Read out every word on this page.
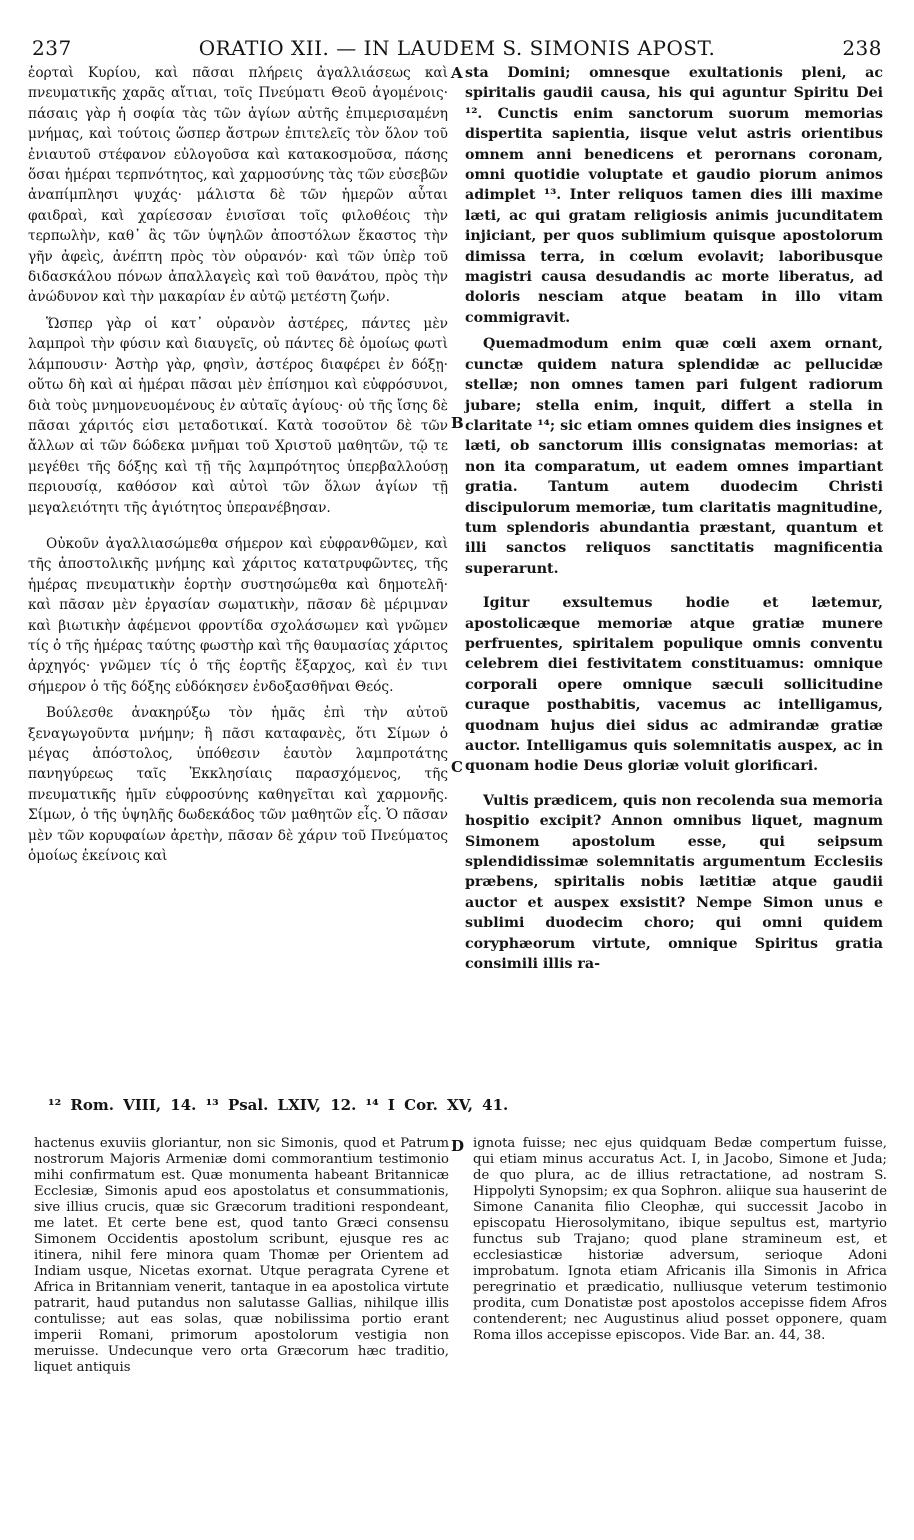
237	ORATIO XII. — IN LAUDEM S. SIMONIS APOST.	238

ἑορταὶ Κυρίου, καὶ πᾶσαι πλήρεις ἀγαλλιάσεως καὶ πνευματικῆς χαρᾶς αἴτιαι, τοῖς Πνεύματι Θεοῦ ἀγομένοις· πάσαις γὰρ ἡ σοφία τὰς τῶν ἁγίων αὐτῆς ἐπιμερισαμένη μνήμας, καὶ τούτοις ὥσπερ ἄστρων ἐπιτελεῖς τὸν ὅλον τοῦ ἐνιαυτοῦ στέφανον εὐλογοῦσα καὶ κατακοσμοῦσα, πάσης ὅσαι ἡμέραι τερπνότητος, καὶ χαρμοσύνης τὰς τῶν εὐσεβῶν ἀναπίμπλησι ψυχάς· μάλιστα δὲ τῶν ἡμερῶν αὗται φαιδραὶ, καὶ χαρίεσσαν ἐνισῖσαι τοῖς φιλοθέοις τὴν τερπωλὴν, καθ᾽ ἃς τῶν ὑψηλῶν ἀποστόλων ἕκαστος τὴν γῆν ἀφεὶς, ἀνέπτη πρὸς τὸν οὐρανόν· καὶ τῶν ὑπὲρ τοῦ διδασκάλου πόνων ἀπαλλαγεὶς καὶ τοῦ θανάτου, πρὸς τὴν ἀνώδυνον καὶ τὴν μακαρίαν ἐν αὐτῷ μετέστη ζωήν.

Ὥσπερ γὰρ οἱ κατ᾽ οὐρανὸν ἀστέρες, πάντες μὲν λαμπροὶ τὴν φύσιν καὶ διαυγεῖς, οὐ πάντες δὲ ὁμοίως φωτὶ λάμπουσιν· Ἀστὴρ γὰρ, φησὶν, ἀστέρος διαφέρει ἐν δόξῃ· οὕτω δὴ καὶ αἱ ἡμέραι πᾶσαι μὲν ἐπίσημοι καὶ εὐφρόσυνοι, διὰ τοὺς μνημονευομένους ἐν αὐταῖς ἁγίους· οὐ τῆς ἴσης δὲ πᾶσαι χάριτός εἰσι μεταδοτικαί. Κατὰ τοσοῦτον δὲ τῶν ἄλλων αἱ τῶν δώδεκα μνῆμαι τοῦ Χριστοῦ μαθητῶν, τῷ τε μεγέθει τῆς δόξης καὶ τῇ τῆς λαμπρότητος ὑπερβαλλούσῃ περιουσίᾳ, καθόσον καὶ αὐτοὶ τῶν ὅλων ἁγίων τῇ μεγαλειότητι τῆς ἁγιότητος ὑπερανέβησαν.

Οὐκοῦν ἀγαλλιασώμεθα σήμερον καὶ εὐφρανθῶμεν, καὶ τῆς ἀποστολικῆς μνήμης καὶ χάριτος κατατρυφῶντες, τῆς ἡμέρας πνευματικὴν ἑορτὴν συστησώμεθα καὶ δημοτελῆ· καὶ πᾶσαν μὲν ἐργασίαν σωματικὴν, πᾶσαν δὲ μέριμναν καὶ βιωτικὴν ἀφέμενοι φροντίδα σχολάσωμεν καὶ γνῶμεν τίς ὁ τῆς ἡμέρας ταύτης φωστὴρ καὶ τῆς θαυμασίας χάριτος ἀρχηγός· γνῶμεν τίς ὁ τῆς ἑορτῆς ἔξαρχος, καὶ ἐν τινι σήμερον ὁ τῆς δόξης εὐδόκησεν ἐνδοξασθῆναι Θεός.

Βούλεσθε ἀνακηρύξω τὸν ἡμᾶς ἐπὶ τὴν αὐτοῦ ξεναγωγοῦντα μνήμην; ἢ πᾶσι καταφανὲς, ὅτι Σίμων ὁ μέγας ἀπόστολος, ὑπόθεσιν ἑαυτὸν λαμπροτάτης πανηγύρεως ταῖς Ἐκκλησίαις παρασχόμενος, τῆς πνευματικῆς ἡμῖν εὐφροσύνης καθηγεῖται καὶ χαρμονῆς. Σίμων, ὁ τῆς ὑψηλῆς δωδεκάδος τῶν μαθητῶν εἷς. Ὁ πᾶσαν μὲν τῶν κορυφαίων ἀρετὴν, πᾶσαν δὲ χάριν τοῦ Πνεύματος ὁμοίως ἐκείνοις καὶ

A
B
C

sta Domini; omnesque exultationis pleni, ac spiritalis gaudii causa, his qui aguntur Spiritu Dei ¹². Cunctis enim sanctorum suorum memorias dispertita sapientia, iisque velut astris orientibus omnem anni benedicens et perornans coronam, omni quotidie voluptate et gaudio piorum animos adimplet ¹³. Inter reliquos tamen dies illi maxime læti, ac qui gratam religiosis animis jucunditatem injiciant, per quos sublimium quisque apostolorum dimissa terra, in cœlum evolavit; laboribusque magistri causa desudandis ac morte liberatus, ad doloris nesciam atque beatam in illo vitam commigravit.

Quemadmodum enim quæ cœli axem ornant, cunctæ quidem natura splendidæ ac pellucidæ stellæ; non omnes tamen pari fulgent radiorum jubare; stella enim, inquit, differt a stella in claritate ¹⁴; sic etiam omnes quidem dies insignes et læti, ob sanctorum illis consignatas memorias: at non ita comparatum, ut eadem omnes impartiant gratia. Tantum autem duodecim Christi discipulorum memoriæ, tum claritatis magnitudine, tum splendoris abundantia præstant, quantum et illi sanctos reliquos sanctitatis magnificentia superarunt.

Igitur exsultemus hodie et lætemur, apostolicæque memoriæ atque gratiæ munere perfruentes, spiritalem populique omnis conventu celebrem diei festivitatem constituamus: omnique corporali opere omnique sæculi sollicitudine curaque posthabitis, vacemus ac intelligamus, quodnam hujus diei sidus ac admirandæ gratiæ auctor. Intelligamus quis solemnitatis auspex, ac in quonam hodie Deus gloriæ voluit glorificari.

Vultis prædicem, quis non recolenda sua memoria hospitio excipit? Annon omnibus liquet, magnum Simonem apostolum esse, qui seipsum splendidissimæ solemnitatis argumentum Ecclesiis præbens, spiritalis nobis lætitiæ atque gaudii auctor et auspex exsistit? Nempe Simon unus e sublimi duodecim choro; qui omni quidem coryphæorum virtute, omnique Spiritus gratia consimili illis ra-

¹² Rom. VIII, 14. ¹³ Psal. LXIV, 12. ¹⁴ I Cor. XV, 41.
D
hactenus exuviis gloriantur, non sic Simonis, quod et Patrum nostrorum Majoris Armeniæ domi commorantium testimonio mihi confirmatum est. Quæ monumenta habeant Britannicæ Ecclesiæ, Simonis apud eos apostolatus et consummationis, sive illius crucis, quæ sic Græcorum traditioni respondeant, me latet. Et certe bene est, quod tanto Græci consensu Simonem Occidentis apostolum scribunt, ejusque res ac itinera, nihil fere minora quam Thomæ per Orientem ad Indiam usque, Nicetas exornat. Utque peragrata Cyrene et Africa in Britanniam venerit, tantaque in ea apostolica virtute patrarit, haud putandus non salutasse Gallias, nihilque illis contulisse; aut eas solas, quæ nobilissima portio erant imperii Romani, primorum apostolorum vestigia non meruisse. Undecunque vero orta Græcorum hæc traditio, liquet antiquis
ignota fuisse; nec ejus quidquam Bedæ compertum fuisse, qui etiam minus accuratus Act. I, in Jacobo, Simone et Juda; de quo plura, ac de illius retractatione, ad nostram S. Hippolyti Synopsim; ex qua Sophron. aliique sua hauserint de Simone Cananita filio Cleophæ, qui successit Jacobo in episcopatu Hierosolymitano, ibique sepultus est, martyrio functus sub Trajano; quod plane stramineum est, et ecclesiasticæ historiæ adversum, serioque Adoni improbatum. Ignota etiam Africanis illa Simonis in Africa peregrinatio et prædicatio, nulliusque veterum testimonio prodita, cum Donatistæ post apostolos accepisse fidem Afros contenderent; nec Augustinus aliud posset opponere, quam Roma illos accepisse episcopos. Vide Bar. an. 44, 38.
